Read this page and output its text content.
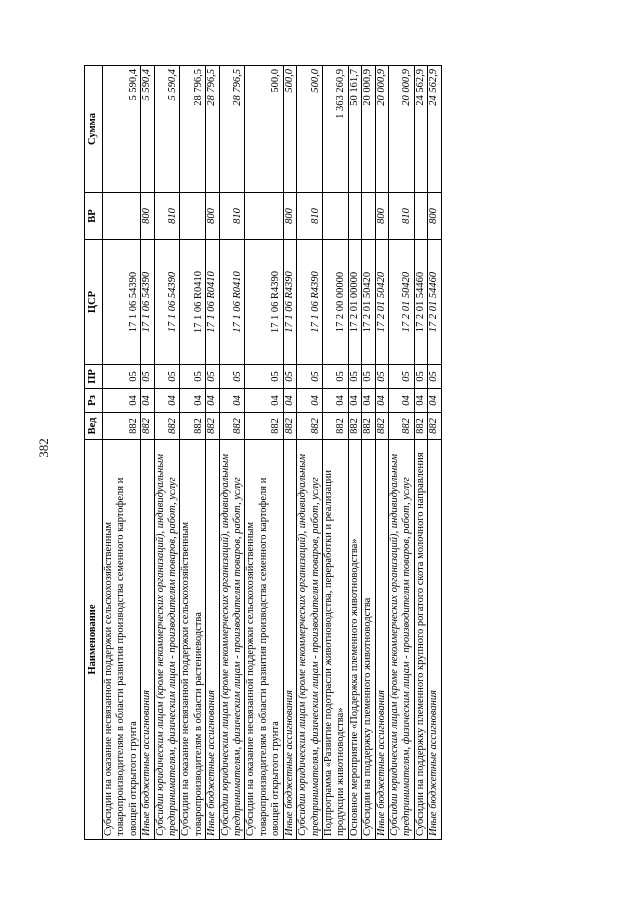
382
Наименование	Вед	Рз	ПР	ЦСР	ВР	Сумма
Субсидии на оказание несвязанной поддержки сельскохозяйственным товаропроизводителям в области развития производства семенного картофеля и овощей открытого грунта	882	04	05	17 1 06 54390		5 590,4
Иные бюджетные ассигнования	882	04	05	17 1 06 54390	800	5 590,4
Субсидии юридическим лицам (кроме некоммерческих организаций), индивидуальным предпринимателям, физическим лицам - производителям товаров, работ, услуг	882	04	05	17 1 06 54390	810	5 590,4
Субсидии на оказание несвязанной поддержки сельскохозяйственным товаропроизводителям в области растениеводства	882	04	05	17 1 06 R0410		28 796,5
Иные бюджетные ассигнования	882	04	05	17 1 06 R0410	800	28 796,5
Субсидии юридическим лицам (кроме некоммерческих организаций), индивидуальным предпринимателям, физическим лицам - производителям товаров, работ, услуг	882	04	05	17 1 06 R0410	810	28 796,5
Субсидии на оказание несвязанной поддержки сельскохозяйственным товаропроизводителям в области развития производства семенного картофеля и овощей открытого грунта	882	04	05	17 1 06 R4390		500,0
Иные бюджетные ассигнования	882	04	05	17 1 06 R4390	800	500,0
Субсидии юридическим лицам (кроме некоммерческих организаций), индивидуальным предпринимателям, физическим лицам - производителям товаров, работ, услуг	882	04	05	17 1 06 R4390	810	500,0
Подпрограмма «Развитие подотрасли животноводства, переработки и реализации продукции животноводства»	882	04	05	17 2 00 00000		1 363 260,9
Основное мероприятие «Поддержка племенного животноводства»	882	04	05	17 2 01 00000		50 161,7
Субсидии на поддержку племенного животноводства	882	04	05	17 2 01 50420		20 000,9
Иные бюджетные ассигнования	882	04	05	17 2 01 50420	800	20 000,9
Субсидии юридическим лицам (кроме некоммерческих организаций), индивидуальным предпринимателям, физическим лицам - производителям товаров, работ, услуг	882	04	05	17 2 01 50420	810	20 000,9
Субсидии на поддержку племенного крупного рогатого скота молочного направления	882	04	05	17 2 01 54460		24 562,9
Иные бюджетные ассигнования	882	04	05	17 2 01 54460	800	24 562,9
